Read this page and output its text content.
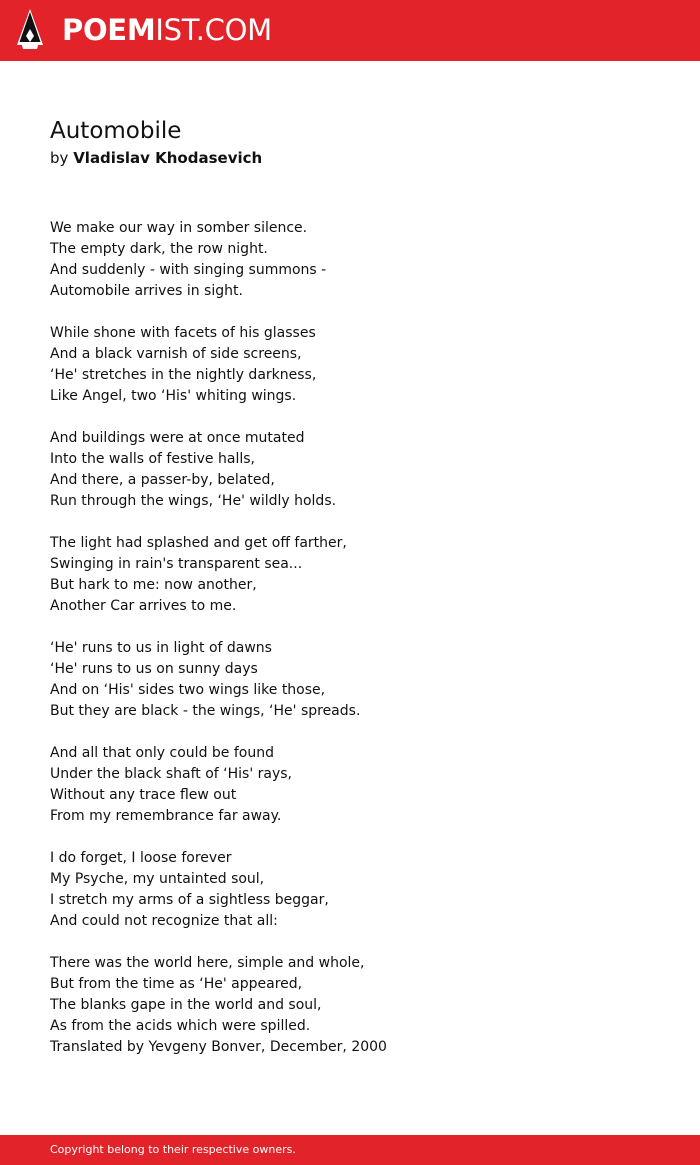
POEMIST.COM
Automobile
by Vladislav Khodasevich
We make our way in somber silence.
The empty dark, the row night.
And suddenly - with singing summons -
Automobile arrives in sight.
While shone with facets of his glasses
And a black varnish of side screens,
‘He' stretches in the nightly darkness,
Like Angel, two ‘His' whiting wings.
And buildings were at once mutated
Into the walls of festive halls,
And there, a passer-by, belated,
Run through the wings, ‘He' wildly holds.
The light had splashed and get off farther,
Swinging in rain's transparent sea...
But hark to me: now another,
Another Car arrives to me.
‘He' runs to us in light of dawns
‘He' runs to us on sunny days
And on ‘His' sides two wings like those,
But they are black - the wings, ‘He' spreads.
And all that only could be found
Under the black shaft of ‘His' rays,
Without any trace flew out
From my remembrance far away.
I do forget, I loose forever
My Psyche, my untainted soul,
I stretch my arms of a sightless beggar,
And could not recognize that all:
There was the world here, simple and whole,
But from the time as ‘He' appeared,
The blanks gape in the world and soul,
As from the acids which were spilled.
Translated by Yevgeny Bonver, December, 2000
Copyright belong to their respective owners.
